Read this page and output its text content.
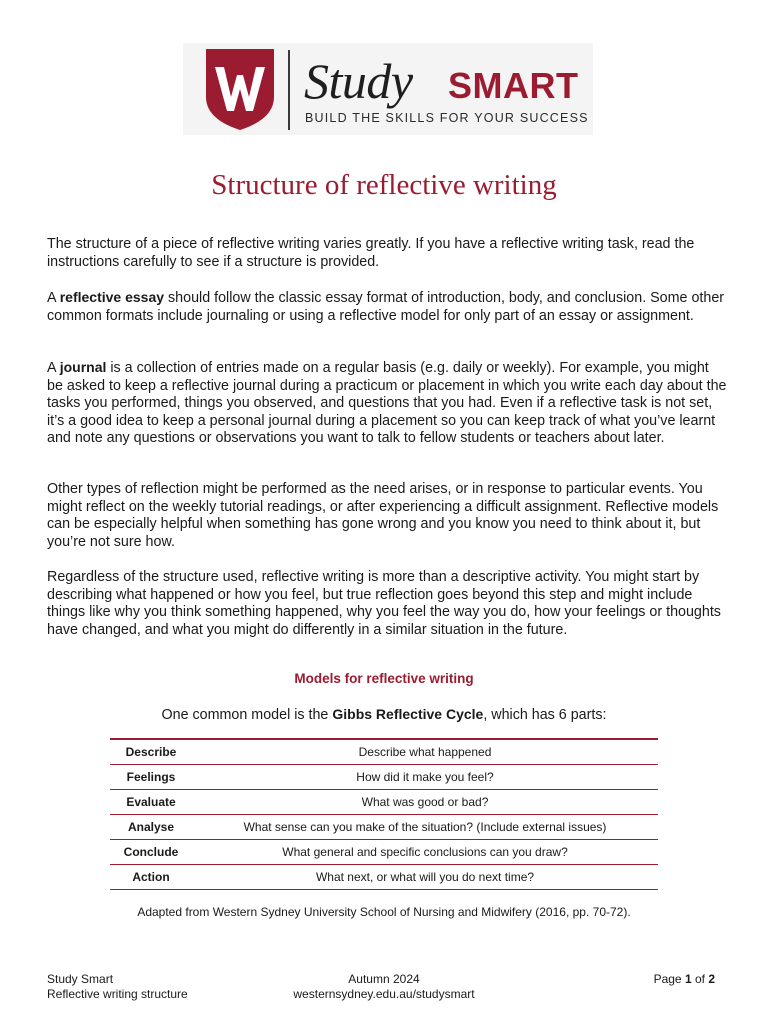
Study SMART
BUILD THE SKILLS FOR YOUR SUCCESS
Structure of reflective writing

The structure of a piece of reflective writing varies greatly. If you have a reflective writing task, read the instructions carefully to see if a structure is provided.

A reflective essay should follow the classic essay format of introduction, body, and conclusion. Some other common formats include journaling or using a reflective model for only part of an essay or assignment.

A journal is a collection of entries made on a regular basis (e.g. daily or weekly). For example, you might be asked to keep a reflective journal during a practicum or placement in which you write each day about the tasks you performed, things you observed, and questions that you had. Even if a reflective task is not set, it’s a good idea to keep a personal journal during a placement so you can keep track of what you’ve learnt and note any questions or observations you want to talk to fellow students or teachers about later.

Other types of reflection might be performed as the need arises, or in response to particular events. You might reflect on the weekly tutorial readings, or after experiencing a difficult assignment. Reflective models can be especially helpful when something has gone wrong and you know you need to think about it, but you’re not sure how.

Regardless of the structure used, reflective writing is more than a descriptive activity. You might start by describing what happened or how you feel, but true reflection goes beyond this step and might include things like why you think something happened, why you feel the way you do, how your feelings or thoughts have changed, and what you might do differently in a similar situation in the future.

Models for reflective writing
One common model is the Gibbs Reflective Cycle, which has 6 parts:
Describe	Describe what happened
Feelings	How did it make you feel?
Evaluate	What was good or bad?
Analyse	What sense can you make of the situation? (Include external issues)
Conclude	What general and specific conclusions can you draw?
Action	What next, or what will you do next time?
Adapted from Western Sydney University School of Nursing and Midwifery (2016, pp. 70-72).
Study Smart
Reflective writing structure
Autumn 2024
westernsydney.edu.au/studysmart
Page 1 of 2
